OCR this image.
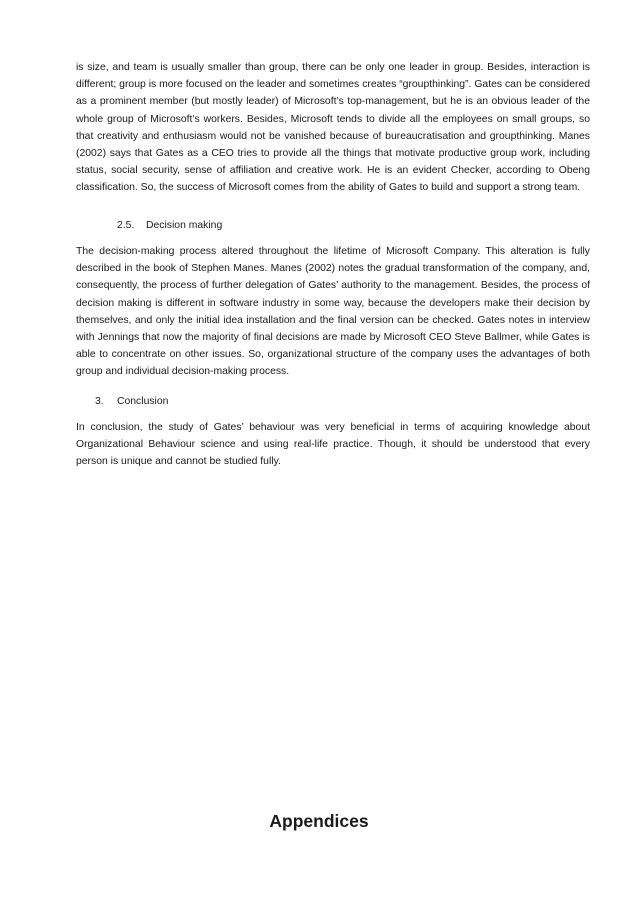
is size, and team is usually smaller than group, there can be only one leader in group. Besides, interaction is different; group is more focused on the leader and sometimes creates “groupthinking”. Gates can be considered as a prominent member (but mostly leader) of Microsoft’s top-management, but he is an obvious leader of the whole group of Microsoft’s workers. Besides, Microsoft tends to divide all the employees on small groups, so that creativity and enthusiasm would not be vanished because of bureaucratisation and groupthinking. Manes (2002) says that Gates as a CEO tries to provide all the things that motivate productive group work, including status, social security, sense of affiliation and creative work. He is an evident Checker, according to Obeng classification. So, the success of Microsoft comes from the ability of Gates to build and support a strong team.

2.5. Decision making

The decision-making process altered throughout the lifetime of Microsoft Company. This alteration is fully described in the book of Stephen Manes. Manes (2002) notes the gradual transformation of the company, and, consequently, the process of further delegation of Gates’ authority to the management. Besides, the process of decision making is different in software industry in some way, because the developers make their decision by themselves, and only the initial idea installation and the final version can be checked. Gates notes in interview with Jennings that now the majority of final decisions are made by Microsoft CEO Steve Ballmer, while Gates is able to concentrate on other issues. So, organizational structure of the company uses the advantages of both group and individual decision-making process.

3. Conclusion

In conclusion, the study of Gates’ behaviour was very beneficial in terms of acquiring knowledge about Organizational Behaviour science and using real-life practice. Though, it should be understood that every person is unique and cannot be studied fully.

Appendices
